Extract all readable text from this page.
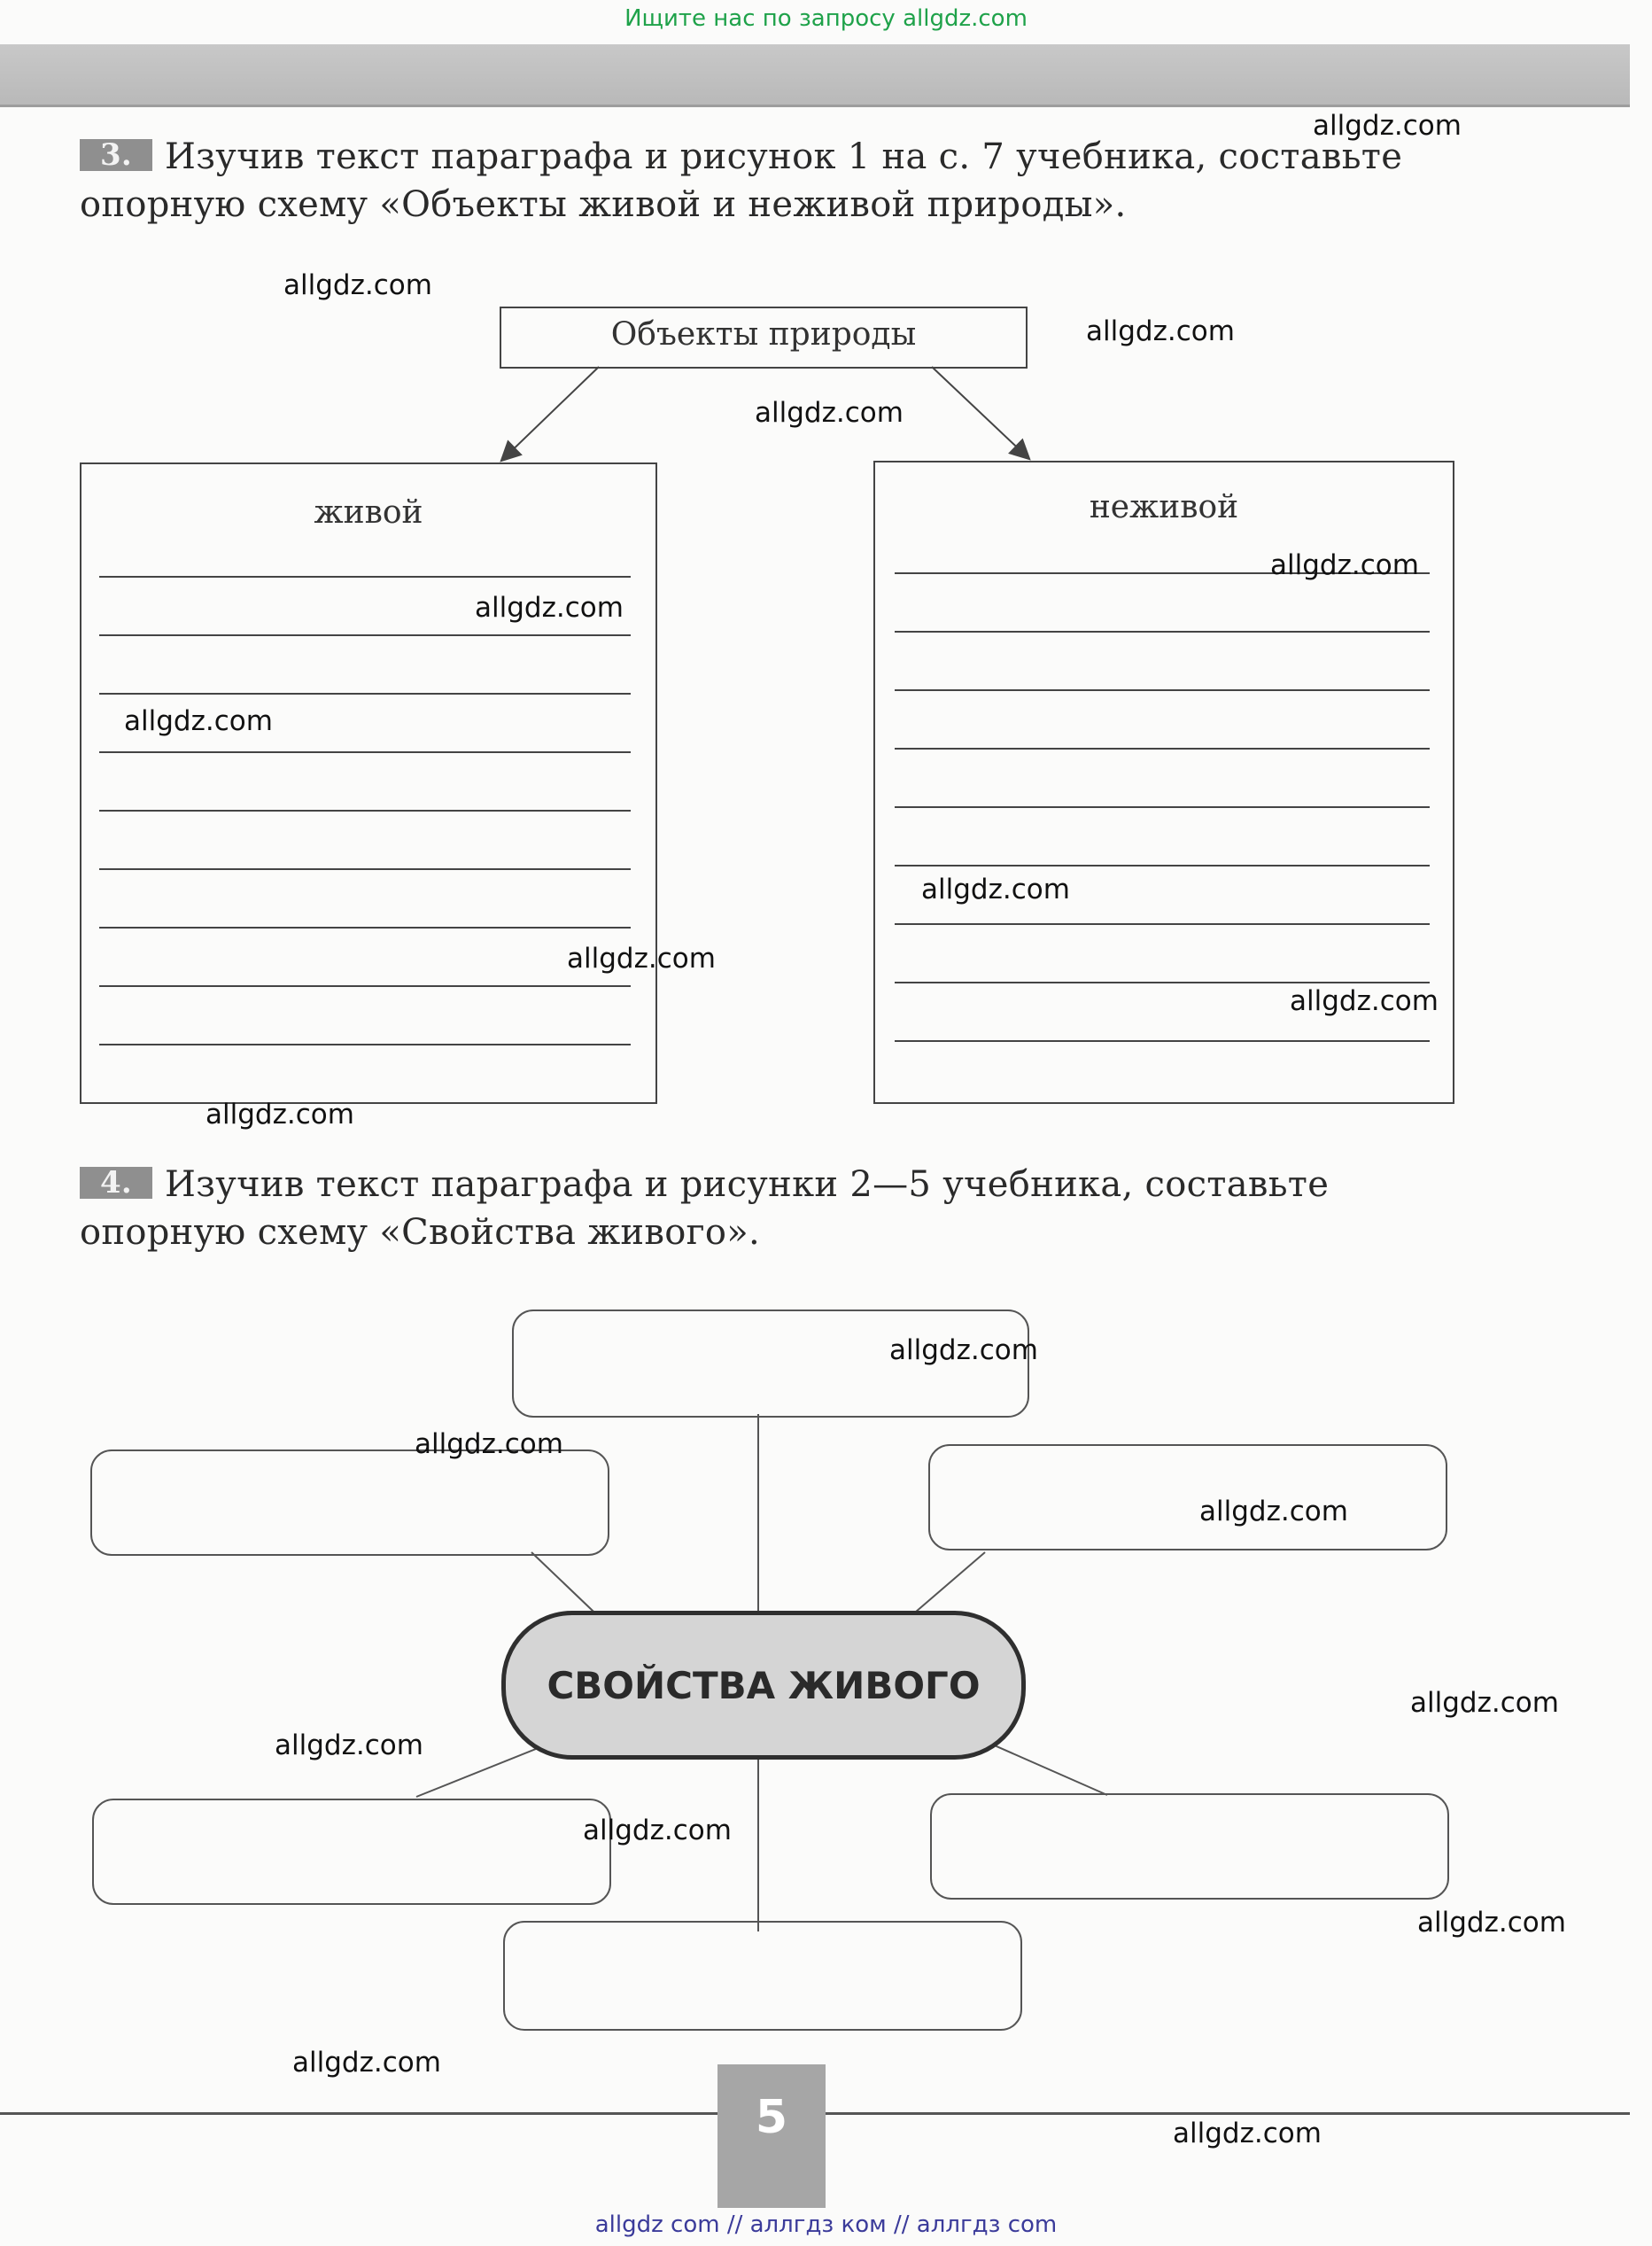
Ищите нас по запросу allgdz.com
3. Изучив текст параграфа и рисунок 1 на с. 7 учебника, составьте опорную схему «Объекты живой и неживой природы».
Объекты природы
живой	неживой
4. Изучив текст параграфа и рисунки 2—5 учебника, составьте опорную схему «Свойства живого».
СВОЙСТВА ЖИВОГО
5
allgdz.com
allgdz.com
allgdz.com
allgdz.com
allgdz.com
allgdz.com
allgdz.com
allgdz.com
allgdz.com
allgdz.com
allgdz.com
allgdz.com
allgdz.com
allgdz.com
allgdz.com
allgdz.com
allgdz.com
allgdz.com
allgdz.com
allgdz.com
allgdz com // аллгдз ком // аллгдз com
